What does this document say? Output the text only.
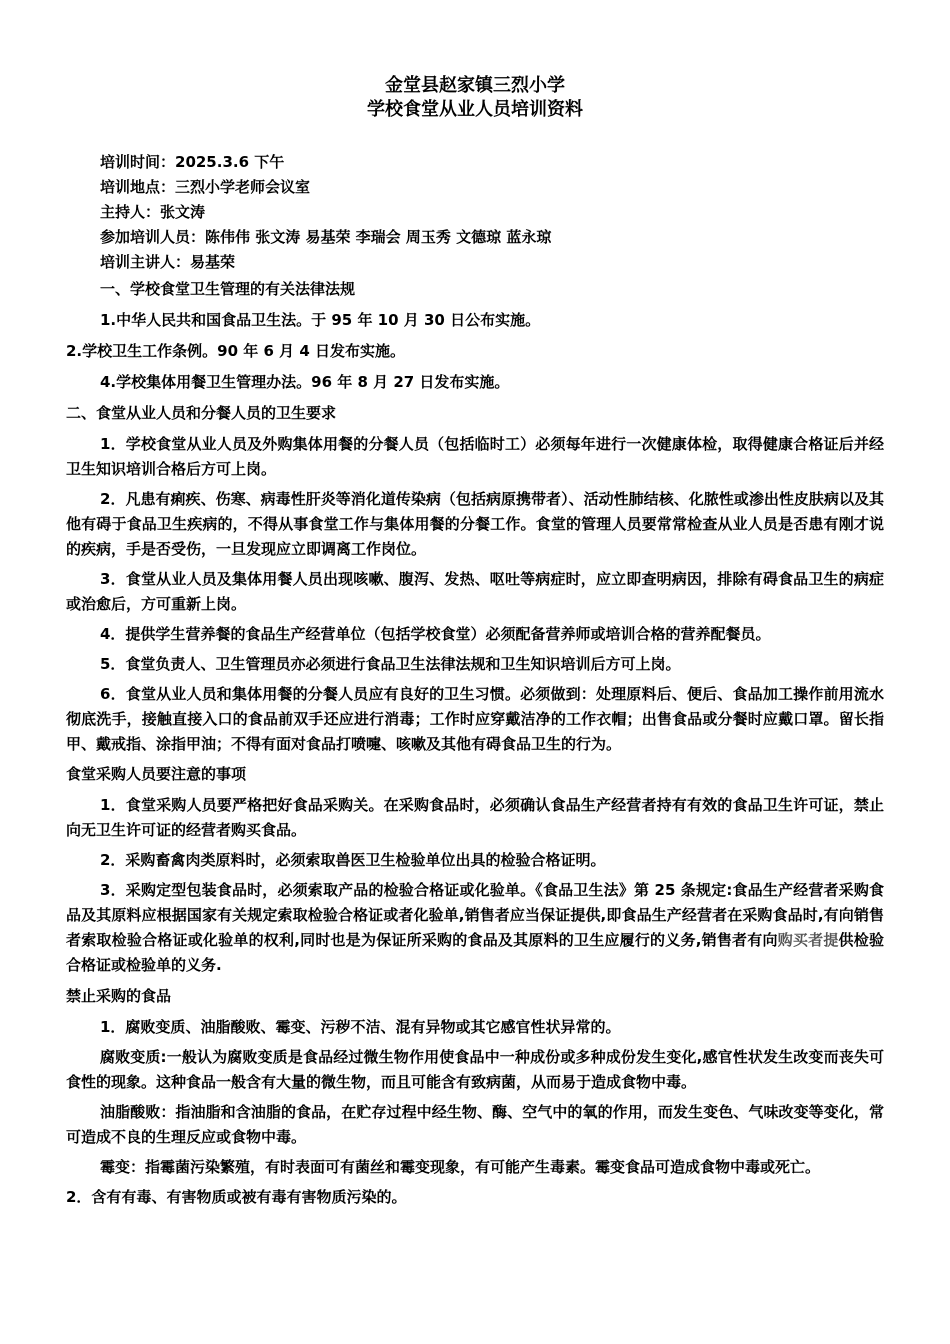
金堂县赵家镇三烈小学

学校食堂从业人员培训资料

培训时间：2025.3.6 下午
培训地点：三烈小学老师会议室
主持人：张文涛
参加培训人员：陈伟伟 张文涛 易基荣 李瑞会 周玉秀 文德琼 蓝永琼
培训主讲人：易基荣

一、学校食堂卫生管理的有关法律法规

1.中华人民共和国食品卫生法。于 95 年 10 月 30 日公布实施。

2.学校卫生工作条例。90 年 6 月 4 日发布实施。

4.学校集体用餐卫生管理办法。96 年 8 月 27 日发布实施。

二、食堂从业人员和分餐人员的卫生要求

1．学校食堂从业人员及外购集体用餐的分餐人员（包括临时工）必须每年进行一次健康体检，取得健康合格证后并经卫生知识培训合格后方可上岗。

2．凡患有痢疾、伤寒、病毒性肝炎等消化道传染病（包括病原携带者）、活动性肺结核、化脓性或渗出性皮肤病以及其他有碍于食品卫生疾病的，不得从事食堂工作与集体用餐的分餐工作。食堂的管理人员要常常检查从业人员是否患有刚才说的疾病，手是否受伤，一旦发现应立即调离工作岗位。

3．食堂从业人员及集体用餐人员出现咳嗽、腹泻、发热、呕吐等病症时，应立即查明病因，排除有碍食品卫生的病症或治愈后，方可重新上岗。

4．提供学生营养餐的食品生产经营单位（包括学校食堂）必须配备营养师或培训合格的营养配餐员。

5．食堂负责人、卫生管理员亦必须进行食品卫生法律法规和卫生知识培训后方可上岗。

6．食堂从业人员和集体用餐的分餐人员应有良好的卫生习惯。必须做到：处理原料后、便后、食品加工操作前用流水彻底洗手，接触直接入口的食品前双手还应进行消毒；工作时应穿戴洁净的工作衣帽；出售食品或分餐时应戴口罩。留长指甲、戴戒指、涂指甲油；不得有面对食品打喷嚏、咳嗽及其他有碍食品卫生的行为。

食堂采购人员要注意的事项

1．食堂采购人员要严格把好食品采购关。在采购食品时，必须确认食品生产经营者持有有效的食品卫生许可证，禁止向无卫生许可证的经营者购买食品。

2．采购畜禽肉类原料时，必须索取兽医卫生检验单位出具的检验合格证明。

3．采购定型包装食品时，必须索取产品的检验合格证或化验单。《食品卫生法》第 25 条规定:食品生产经营者采购食品及其原料应根据国家有关规定索取检验合格证或者化验单,销售者应当保证提供,即食品生产经营者在采购食品时,有向销售者索取检验合格证或化验单的权利,同时也是为保证所采购的食品及其原料的卫生应履行的义务,销售者有向购买者提供检验合格证或检验单的义务.

禁止采购的食品

1．腐败变质、油脂酸败、霉变、污秽不洁、混有异物或其它感官性状异常的。

腐败变质:一般认为腐败变质是食品经过微生物作用使食品中一种成份或多种成份发生变化,感官性状发生改变而丧失可食性的现象。这种食品一般含有大量的微生物，而且可能含有致病菌，从而易于造成食物中毒。

油脂酸败：指油脂和含油脂的食品，在贮存过程中经生物、酶、空气中的氧的作用，而发生变色、气味改变等变化，常可造成不良的生理反应或食物中毒。

霉变：指霉菌污染繁殖，有时表面可有菌丝和霉变现象，有可能产生毒素。霉变食品可造成食物中毒或死亡。

2．含有有毒、有害物质或被有毒有害物质污染的。
